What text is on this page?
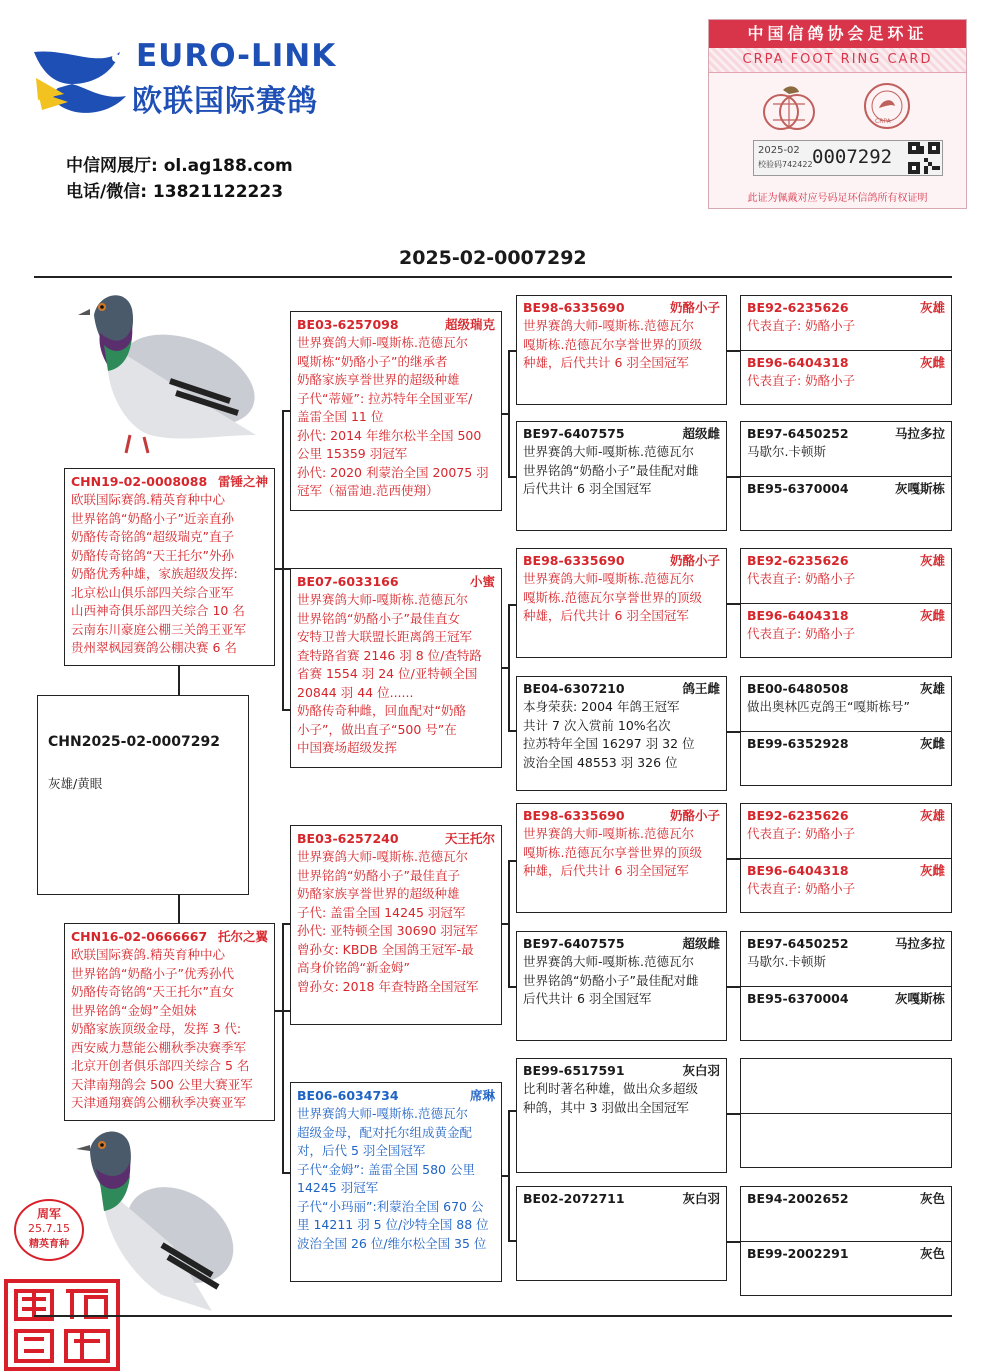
EURO-LINK
欧联国际赛鸽
中信网展厅: ol.ag188.com
电话/微信: 13821122223
中国信鸽协会足环证
CRPA FOOT RING CARD
CRPA
2025-02
校验码742422 0007292
此证为佩戴对应号码足环信鸽所有权证明
2025-02-0007292
周军
25.7.15
精英育种
CHN2025-02-0007292
灰雄/黄眼
CHN19-02-0008088 雷锤之神
欧联国际赛鸽.精英育种中心
世界铭鸽“奶酪小子”近亲直孙
奶酪传奇铭鸽“超级瑞克”直子
奶酪传奇铭鸽“天王托尔”外孙
奶酪优秀种雄，家族超级发挥:
北京松山俱乐部四关综合亚军
山西神奇俱乐部四关综合 10 名
云南东川豪庭公棚三关鸽王亚军
贵州翠枫园赛鸽公棚决赛 6 名
CHN16-02-0666667 托尔之翼
欧联国际赛鸽.精英育种中心
世界铭鸽“奶酪小子”优秀孙代
奶酪传奇铭鸽“天王托尔”直女
世界铭鸽“金姆”全姐妹
奶酪家族顶级金母，发挥 3 代:
西安威力慧能公棚秋季决赛季军
北京开创者俱乐部四关综合 5 名
天津南翔鸽会 500 公里大赛亚军
天津通翔赛鸽公棚秋季决赛亚军
BE03-6257098	超级瑞克
世界赛鸽大师-嘎斯栋.范德瓦尔
嘎斯栋“奶酪小子”的继承者
奶酪家族享誉世界的超级种雄
子代“蒂娅”: 拉苏特年全国亚军/
盖雷全国 11 位
孙代: 2014 年维尔松半全国 500
公里 15359 羽冠军
孙代: 2020 利蒙治全国 20075 羽
冠军（福雷迪.范西使翔）
BE07-6033166	小蜜
世界赛鸽大师-嘎斯栋.范德瓦尔
世界铭鸽“奶酪小子”最佳直女
安特卫普大联盟长距离鸽王冠军
查特路省赛 2146 羽 8 位/查特路
省赛 1554 羽 24 位/亚特顿全国
20844 羽 44 位......
奶酪传奇种雌，回血配对“奶酪
小子”，做出直子“500 号”在
中国赛场超级发挥
BE03-6257240	天王托尔
世界赛鸽大师-嘎斯栋.范德瓦尔
世界铭鸽“奶酪小子”最佳直子
奶酪家族享誉世界的超级种雄
子代: 盖雷全国 14245 羽冠军
孙代: 亚特顿全国 30690 羽冠军
曾孙女: KBDB 全国鸽王冠军-最
高身价铭鸽“新金姆”
曾孙女: 2018 年查特路全国冠军
BE06-6034734	席琳
世界赛鸽大师-嘎斯栋.范德瓦尔
超级金母，配对托尔组成黄金配
对，后代 5 羽全国冠军
子代“金姆”: 盖雷全国 580 公里
14245 羽冠军
子代“小玛丽”:利蒙治全国 670 公
里 14211 羽 5 位/沙特全国 88 位
波治全国 26 位/维尔松全国 35 位
BE98-6335690	奶酪小子
世界赛鸽大师-嘎斯栋.范德瓦尔
嘎斯栋.范德瓦尔享誉世界的顶级
种雄，后代共计 6 羽全国冠军
BE97-6407575	超级雌
世界赛鸽大师-嘎斯栋.范德瓦尔
世界铭鸽“奶酪小子”最佳配对雌
后代共计 6 羽全国冠军
BE98-6335690	奶酪小子
世界赛鸽大师-嘎斯栋.范德瓦尔
嘎斯栋.范德瓦尔享誉世界的顶级
种雄，后代共计 6 羽全国冠军
BE04-6307210	鸽王雌
本身荣获: 2004 年鸽王冠军
共计 7 次入赏前 10%名次
拉苏特年全国 16297 羽 32 位
波治全国 48553 羽 326 位
BE98-6335690	奶酪小子
世界赛鸽大师-嘎斯栋.范德瓦尔
嘎斯栋.范德瓦尔享誉世界的顶级
种雄，后代共计 6 羽全国冠军
BE97-6407575	超级雌
世界赛鸽大师-嘎斯栋.范德瓦尔
世界铭鸽“奶酪小子”最佳配对雌
后代共计 6 羽全国冠军
BE99-6517591	灰白羽
比利时著名种雄，做出众多超级
种鸽，其中 3 羽做出全国冠军
BE02-2072711	灰白羽
BE92-6235626	灰雄
代表直子: 奶酪小子
BE96-6404318	灰雌
代表直子: 奶酪小子
BE97-6450252	马拉多拉
马歇尔.卡顿斯
BE95-6370004	灰嘎斯栋
BE92-6235626	灰雄
代表直子: 奶酪小子
BE96-6404318	灰雌
代表直子: 奶酪小子
BE00-6480508	灰雄
做出奥林匹克鸽王“嘎斯栋号”
BE99-6352928	灰雌
BE92-6235626	灰雄
代表直子: 奶酪小子
BE96-6404318	灰雌
代表直子: 奶酪小子
BE97-6450252	马拉多拉
马歇尔.卡顿斯
BE95-6370004	灰嘎斯栋
BE94-2002652	灰色
BE99-2002291	灰色
